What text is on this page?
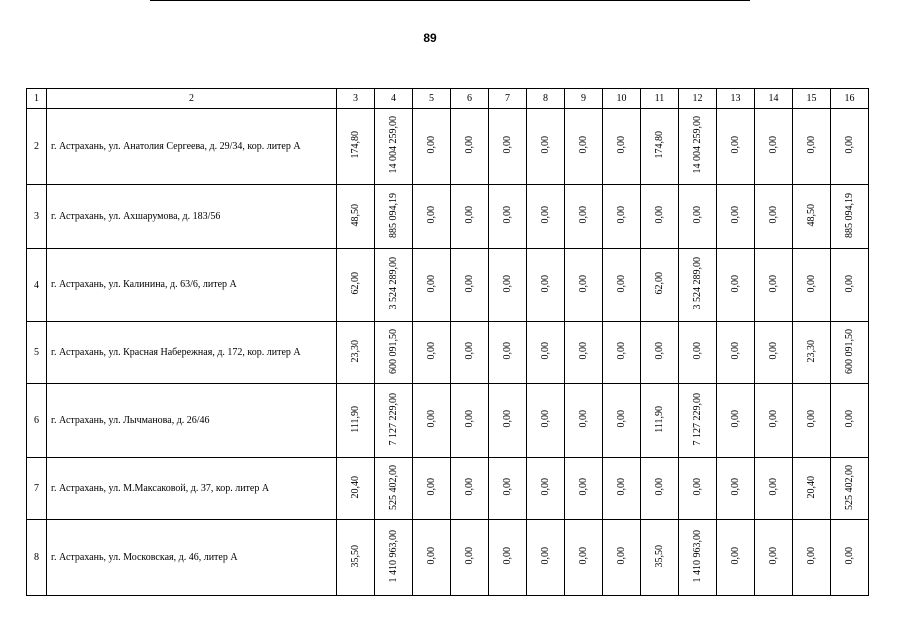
89
1	2	3	4	5	6	7	8	9	10	11	12	13	14	15	16
2	г. Астрахань, ул. Анатолия Сергеева, д. 29/34, кор. литер А	174,80	14 004 259,00	0,00	0,00	0,00	0,00	0,00	0,00	174,80	14 004 259,00	0,00	0,00	0,00	0,00
3	г. Астрахань, ул. Ахшарумова, д. 183/56	48,50	885 094,19	0,00	0,00	0,00	0,00	0,00	0,00	0,00	0,00	0,00	0,00	48,50	885 094,19
4	г. Астрахань, ул. Калинина, д. 63/6, литер А	62,00	3 524 289,00	0,00	0,00	0,00	0,00	0,00	0,00	62,00	3 524 289,00	0,00	0,00	0,00	0,00
5	г. Астрахань, ул. Красная Набережная, д. 172, кор. литер А	23,30	600 091,50	0,00	0,00	0,00	0,00	0,00	0,00	0,00	0,00	0,00	0,00	23,30	600 091,50
6	г. Астрахань, ул. Лычманова, д. 26/46	111,90	7 127 229,00	0,00	0,00	0,00	0,00	0,00	0,00	111,90	7 127 229,00	0,00	0,00	0,00	0,00
7	г. Астрахань, ул. М.Максаковой, д. 37, кор. литер А	20,40	525 402,00	0,00	0,00	0,00	0,00	0,00	0,00	0,00	0,00	0,00	0,00	20,40	525 402,00
8	г. Астрахань, ул. Московская, д. 46, литер А	35,50	1 410 963,00	0,00	0,00	0,00	0,00	0,00	0,00	35,50	1 410 963,00	0,00	0,00	0,00	0,00
